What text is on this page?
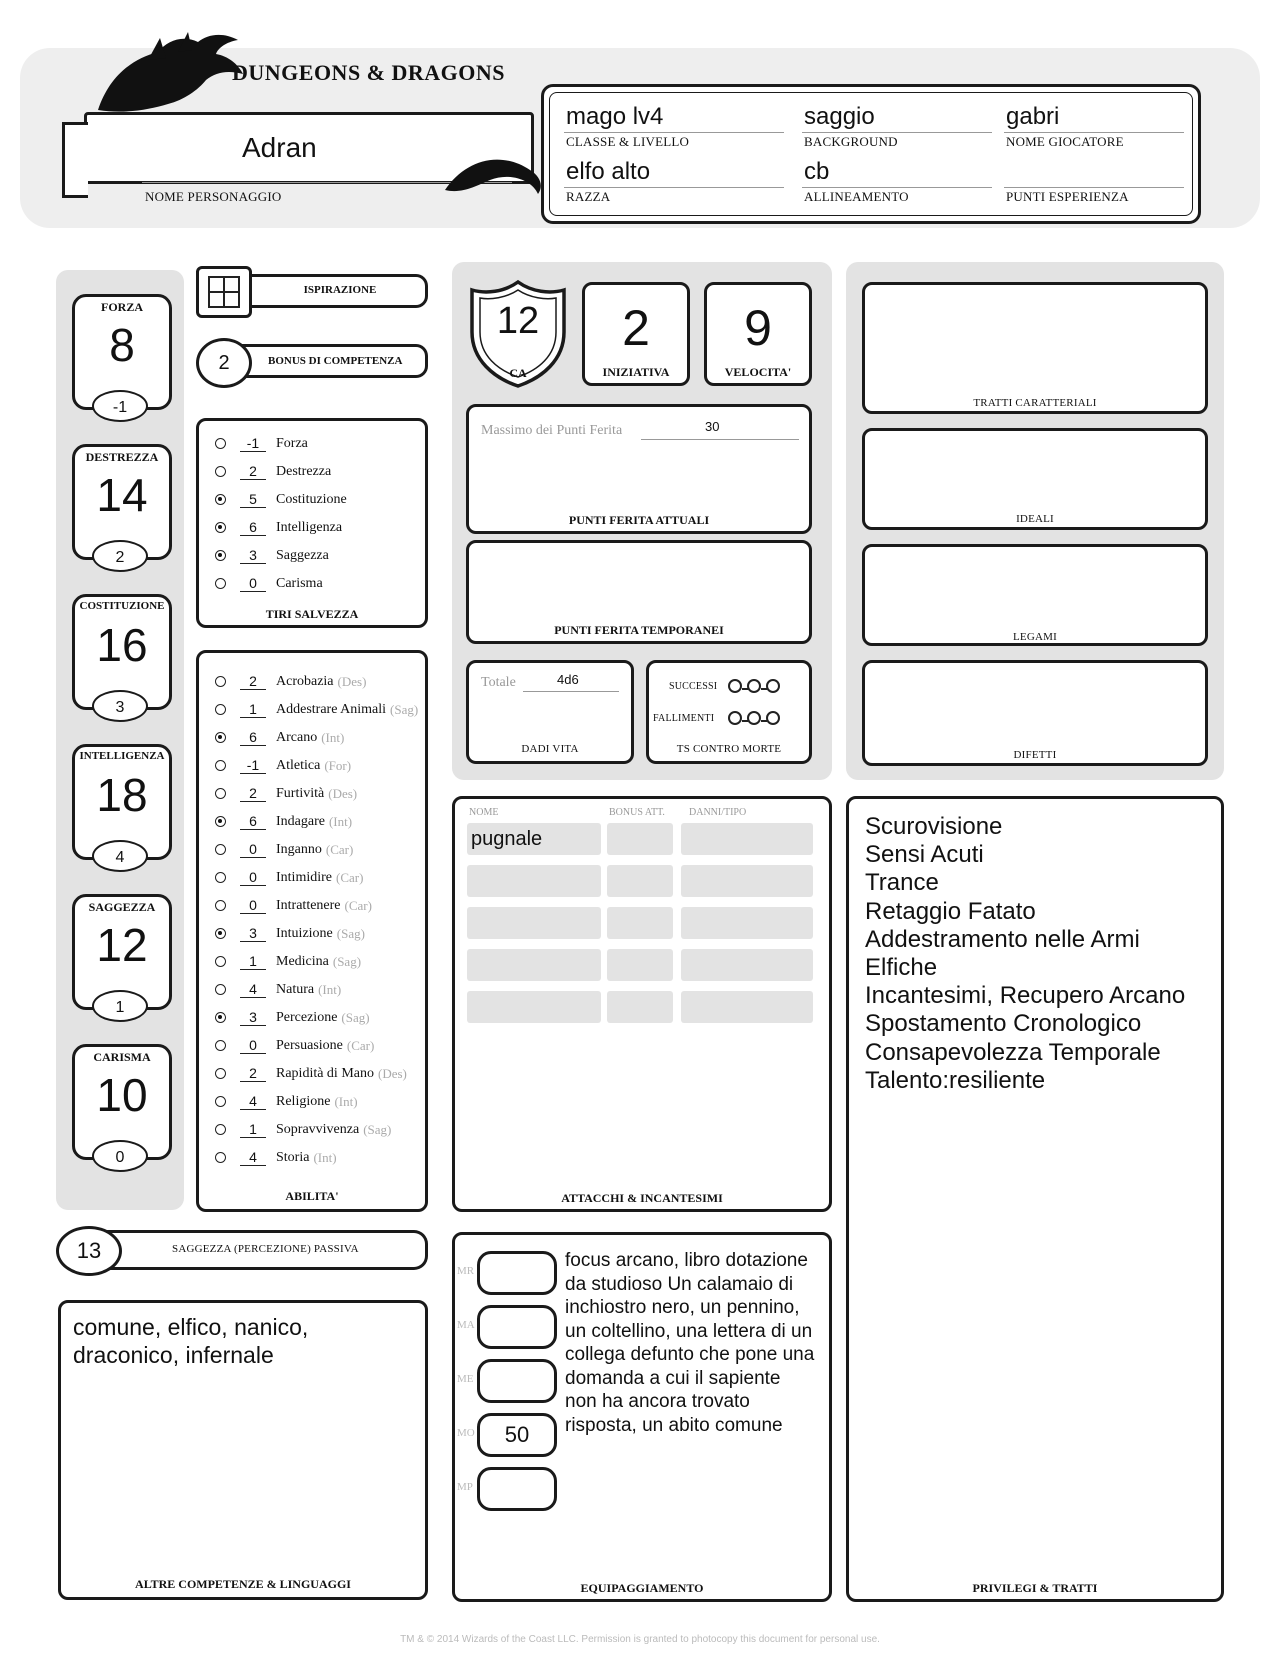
DUNGEONS & DRAGONS
Adran
NOME PERSONAGGIO
mago lv4
CLASSE & LIVELLO
saggio
BACKGROUND
gabri
NOME GIOCATORE
elfo alto
RAZZA
cb
ALLINEAMENTO	PUNTI ESPERIENZA
FORZA
8
-1
DESTREZZA
14
2
COSTITUZIONE
16
3
INTELLIGENZA
18
4
SAGGEZZA
12
1
CARISMA
10
0
ISPIRAZIONE
BONUS DI COMPETENZA
2
-1	Forza
2	Destrezza
5	Costituzione
6	Intelligenza
3	Saggezza
0	Carisma
TIRI SALVEZZA
2	Acrobazia (Des)
1	Addestrare Animali (Sag)
6	Arcano (Int)
-1	Atletica (For)
2	Furtività (Des)
6	Indagare (Int)
0	Inganno (Car)
0	Intimidire (Car)
0	Intrattenere (Car)
3	Intuizione (Sag)
1	Medicina (Sag)
4	Natura (Int)
3	Percezione (Sag)
0	Persuasione (Car)
2	Rapidità di Mano (Des)
4	Religione (Int)
1	Sopravvivenza (Sag)
4	Storia (Int)
ABILITA'
SAGGEZZA (PERCEZIONE) PASSIVA
13
comune, elfico, nanico, draconico, infernale
ALTRE COMPETENZE & LINGUAGGI
12
CA
2
INIZIATIVA
9
VELOCITA'
Massimo dei Punti Ferita	30
PUNTI FERITA ATTUALI
PUNTI FERITA TEMPORANEI
Totale	4d6
DADI VITA
SUCCESSI
FALLIMENTI
TS CONTRO MORTE
NOME	BONUS ATT. DANNI/TIPO
pugnale
ATTACCHI & INCANTESIMI
MR
MA
ME
MO	50
MP
focus arcano, libro dotazione da studioso Un calamaio di inchiostro nero, un pennino, un coltellino, una lettera di un collega defunto che pone una domanda a cui il sapiente non ha ancora trovato risposta, un abito comune
EQUIPAGGIAMENTO
TRATTI CARATTERIALI
IDEALI
LEGAMI
DIFETTI
Scurovisione
Sensi Acuti
Trance
Retaggio Fatato
Addestramento nelle Armi
Elfiche
Incantesimi, Recupero Arcano
Spostamento Cronologico
Consapevolezza Temporale
Talento:resiliente
PRIVILEGI & TRATTI
TM & © 2014 Wizards of the Coast LLC. Permission is granted to photocopy this document for personal use.
